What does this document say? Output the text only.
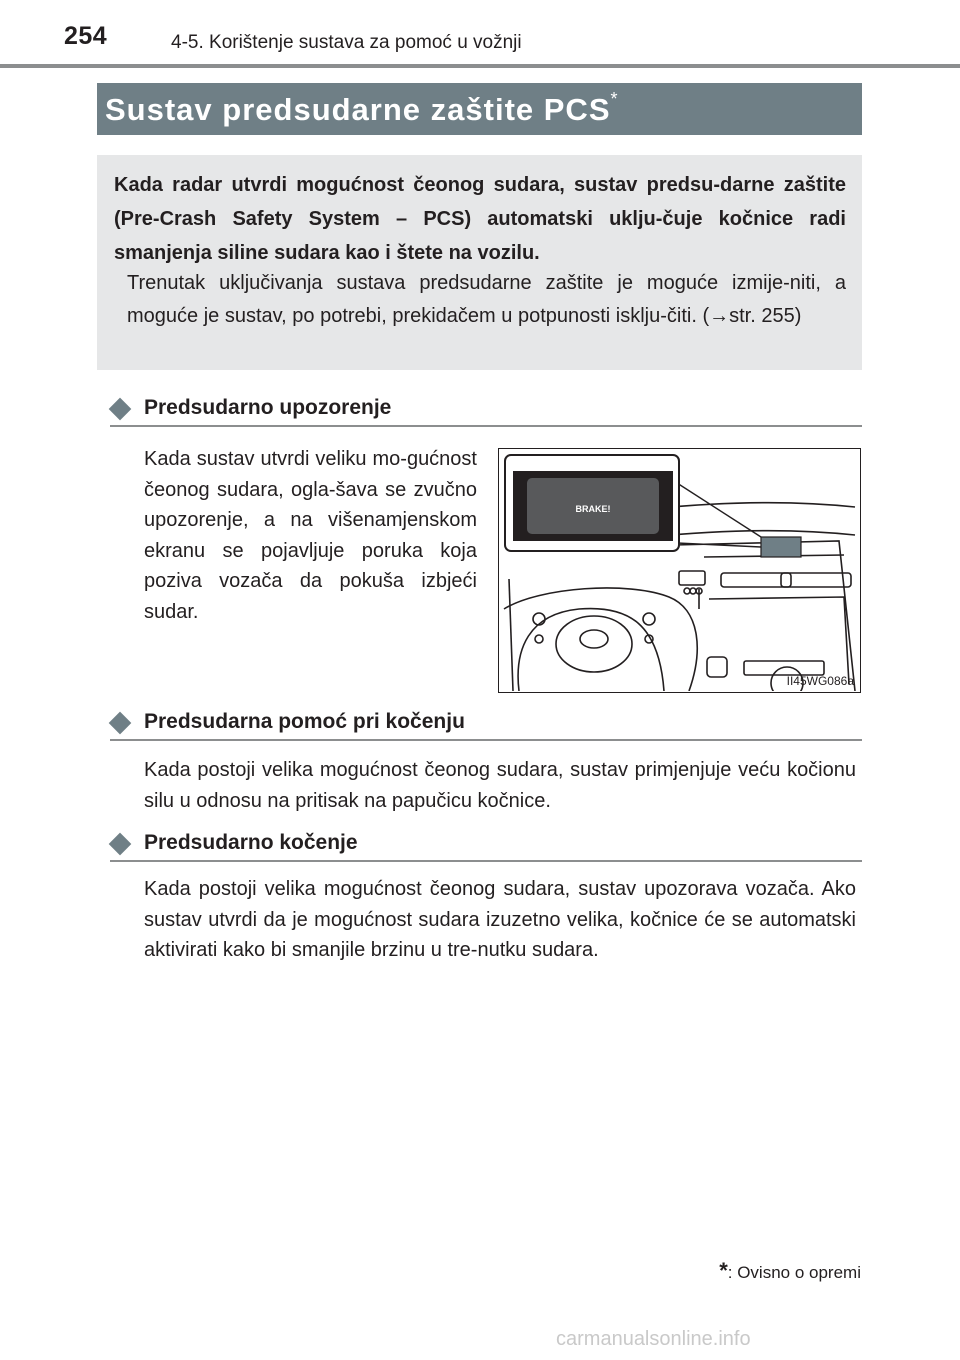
254	4-5. Korištenje sustava za pomoć u vožnji
Sustav predsudarne zaštite PCS*
Kada radar utvrdi mogućnost čeonog sudara, sustav predsu-darne zaštite (Pre-Crash Safety System – PCS) automatski uklju-čuje kočnice radi smanjenja siline sudara kao i štete na vozilu.
Trenutak uključivanja sustava predsudarne zaštite je moguće izmije-niti, a moguće je sustav, po potrebi, prekidačem u potpunosti isklju-čiti. (→str. 255)
Predsudarno upozorenje
Kada sustav utvrdi veliku mo-gućnost čeonog sudara, ogla-šava se zvučno upozorenje, a na višenamjenskom ekranu se pojavljuje poruka koja poziva vozača da pokuša izbjeći sudar.
BRAKE!
II45WG086a
Predsudarna pomoć pri kočenju
Kada postoji velika mogućnost čeonog sudara, sustav primjenjuje veću kočionu silu u odnosu na pritisak na papučicu kočnice.
Predsudarno kočenje
Kada postoji velika mogućnost čeonog sudara, sustav upozorava vozača. Ako sustav utvrdi da je mogućnost sudara izuzetno velika, kočnice će se automatski aktivirati kako bi smanjile brzinu u tre-nutku sudara.
*: Ovisno o opremi
carmanualsonline.info
